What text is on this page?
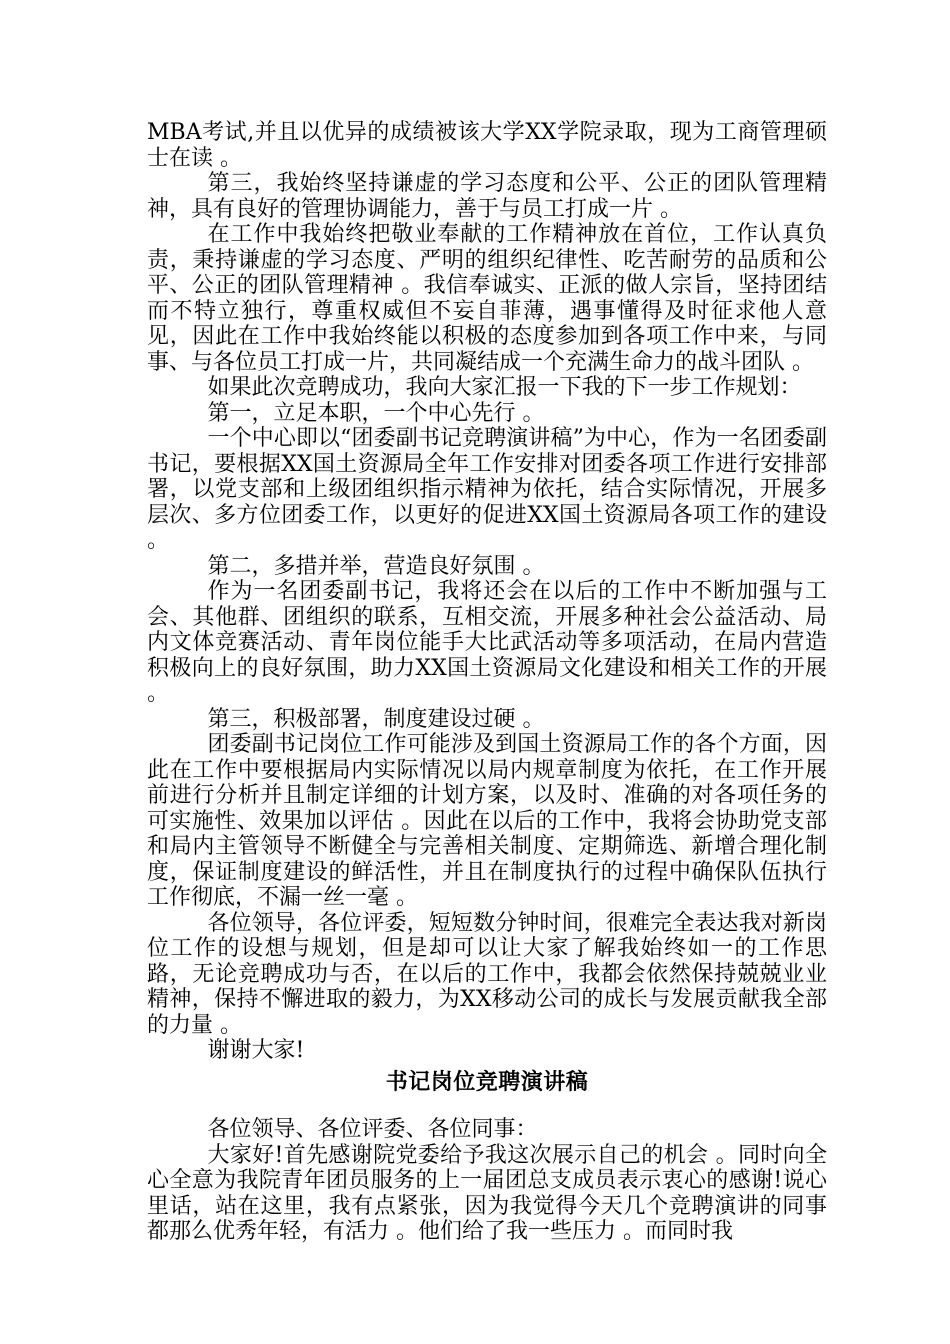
MBA考试,并且以优异的成绩被该大学XX学院录取，现为工商管理硕士在读 。

第三，我始终坚持谦虚的学习态度和公平、公正的团队管理精神，具有良好的管理协调能力，善于与员工打成一片 。

在工作中我始终把敬业奉献的工作精神放在首位，工作认真负责，秉持谦虚的学习态度、严明的组织纪律性、吃苦耐劳的品质和公平、公正的团队管理精神 。我信奉诚实、正派的做人宗旨，坚持团结而不特立独行，尊重权威但不妄自菲薄，遇事懂得及时征求他人意见，因此在工作中我始终能以积极的态度参加到各项工作中来，与同事、与各位员工打成一片，共同凝结成一个充满生命力的战斗团队 。

如果此次竞聘成功，我向大家汇报一下我的下一步工作规划：

第一，立足本职，一个中心先行 。

一个中心即以“团委副书记竞聘演讲稿”为中心，作为一名团委副书记，要根据XX国土资源局全年工作安排对团委各项工作进行安排部署，以党支部和上级团组织指示精神为依托，结合实际情况，开展多层次、多方位团委工作，以更好的促进XX国土资源局各项工作的建设 。

第二，多措并举，营造良好氛围 。

作为一名团委副书记，我将还会在以后的工作中不断加强与工会、其他群、团组织的联系，互相交流，开展多种社会公益活动、局内文体竞赛活动、青年岗位能手大比武活动等多项活动，在局内营造积极向上的良好氛围，助力XX国土资源局文化建设和相关工作的开展 。

第三，积极部署，制度建设过硬 。

团委副书记岗位工作可能涉及到国土资源局工作的各个方面，因此在工作中要根据局内实际情况以局内规章制度为依托，在工作开展前进行分析并且制定详细的计划方案，以及时、准确的对各项任务的可实施性、效果加以评估 。因此在以后的工作中，我将会协助党支部和局内主管领导不断健全与完善相关制度、定期筛选、新增合理化制度，保证制度建设的鲜活性，并且在制度执行的过程中确保队伍执行工作彻底，不漏一丝一毫 。

各位领导，各位评委，短短数分钟时间，很难完全表达我对新岗位工作的设想与规划，但是却可以让大家了解我始终如一的工作思路，无论竞聘成功与否，在以后的工作中，我都会依然保持兢兢业业精神，保持不懈进取的毅力，为XX移动公司的成长与发展贡献我全部的力量 。

谢谢大家!

书记岗位竞聘演讲稿

各位领导、各位评委、各位同事：

大家好!首先感谢院党委给予我这次展示自己的机会 。同时向全心全意为我院青年团员服务的上一届团总支成员表示衷心的感谢!说心里话，站在这里，我有点紧张，因为我觉得今天几个竞聘演讲的同事都那么优秀年轻，有活力 。他们给了我一些压力 。而同时我
